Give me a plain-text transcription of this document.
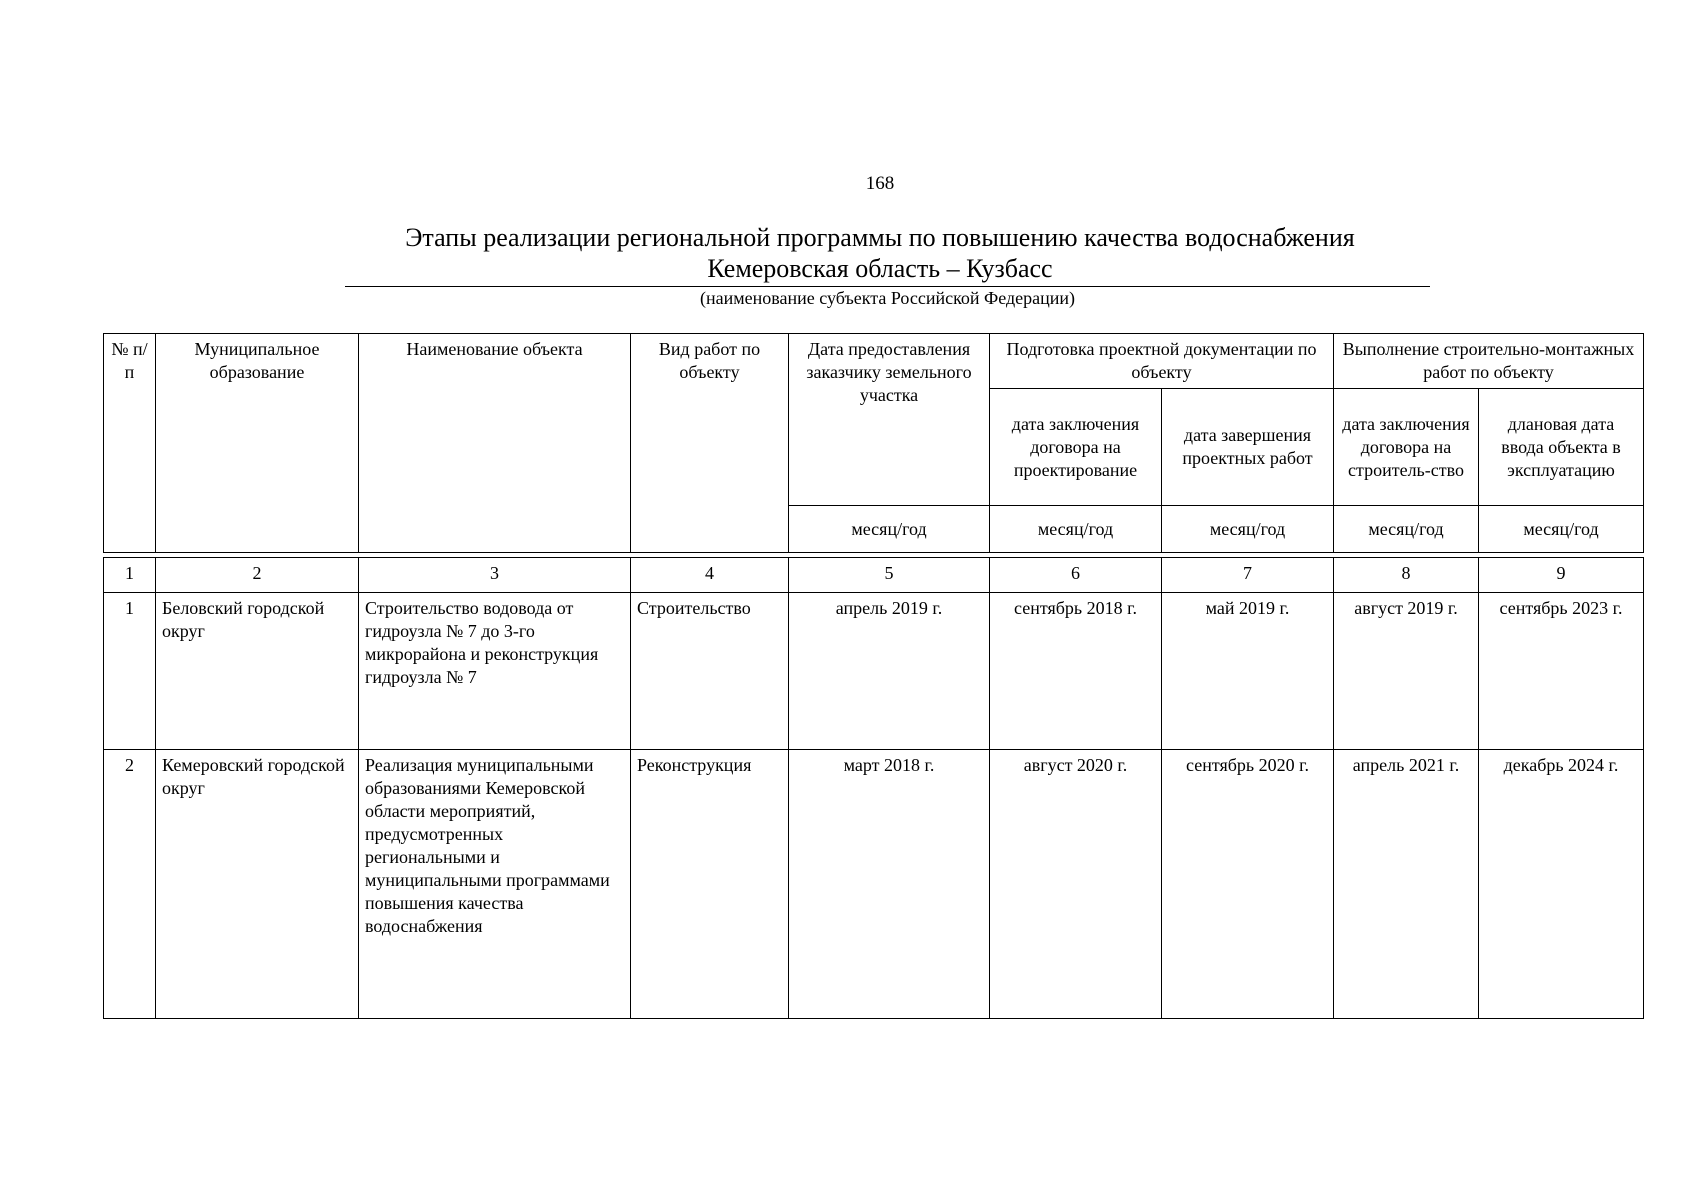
168
Этапы реализации региональной программы по повышению качества водоснабжения
Кемеровская область – Кузбасс
(наименование субъекта Российской Федерации)
№ п/п	Муниципальное образование	Наименование объекта	Вид работ по объекту	Дата предоставления заказчику земельного участка	Подготовка проектной документации по объекту		Выполнение строительно-монтажных работ по объекту	
					дата заключения договора на проектирование	дата завершения проектных работ	дата заключения договора на строитель-ство	длановая дата ввода объекта в эксплуатацию
				месяц/год	месяц/год	месяц/год	месяц/год	месяц/год

1	2	3	4	5	6	7	8	9
1	Беловский городской округ	Строительство водовода от гидроузла № 7 до 3-го микрорайона и реконструкция гидроузла № 7	Строительство	апрель 2019 г.	сентябрь 2018 г.	май 2019 г.	август 2019 г.	сентябрь 2023 г.
2	Кемеровский городской округ	Реализация муниципальными образованиями Кемеровской области мероприятий, предусмотренных региональными и муниципальными программами повышения качества водоснабжения	Реконструкция	март 2018 г.	август 2020 г.	сентябрь 2020 г.	апрель 2021 г.	декабрь 2024 г.
